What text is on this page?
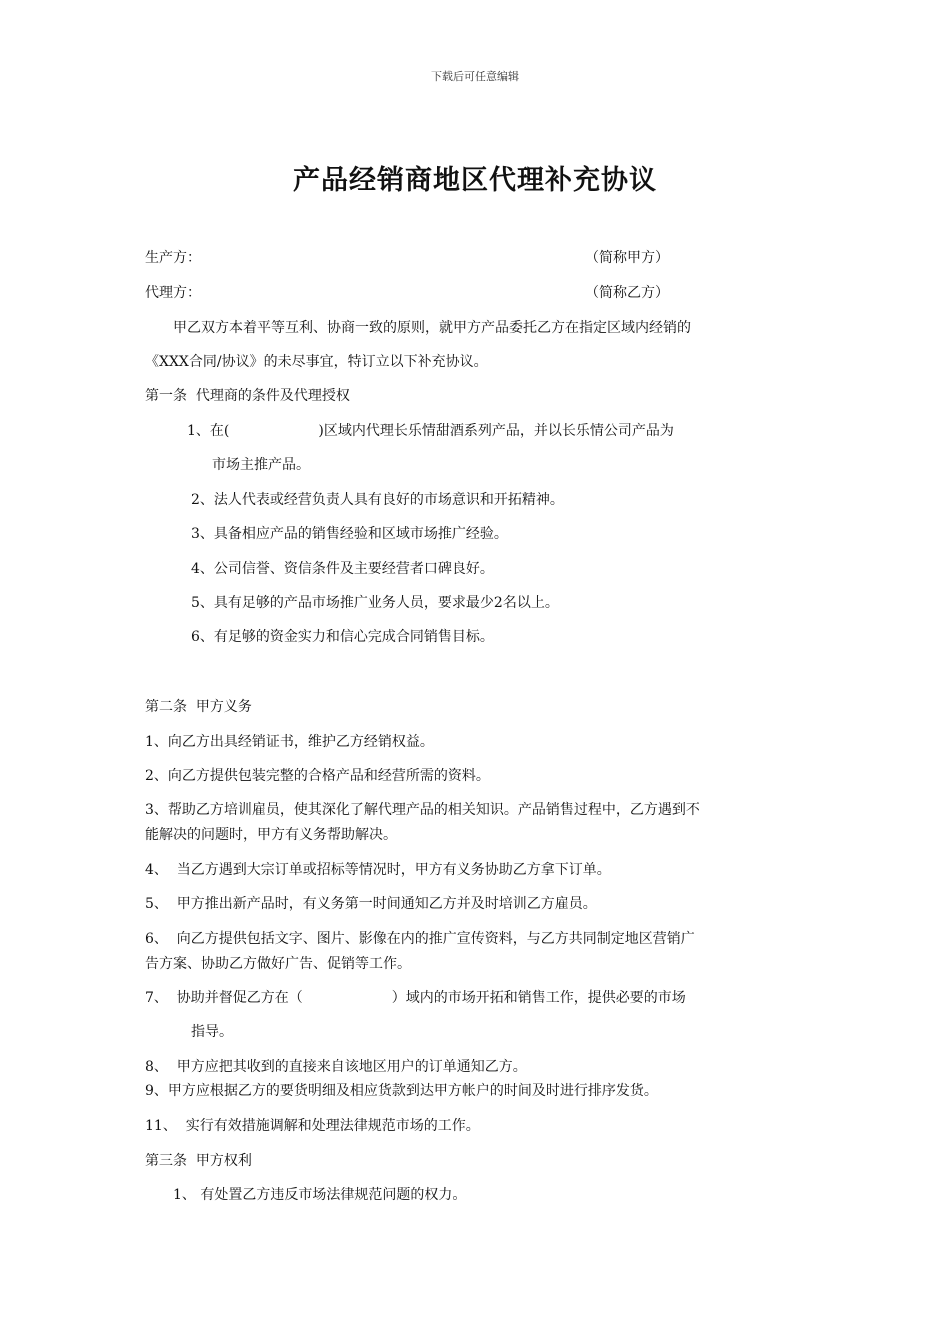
下载后可任意编辑
产品经销商地区代理补充协议
生产方：	（简称甲方）
代理方：	（简称乙方）
甲乙双方本着平等互利、协商一致的原则，就甲方产品委托乙方在指定区域内经销的
《XXX合同/协议》的未尽事宜，特订立以下补充协议。
第一条  代理商的条件及代理授权
1、在(                    )区域内代理长乐情甜酒系列产品，并以长乐情公司产品为
市场主推产品。
2、法人代表或经营负责人具有良好的市场意识和开拓精神。
3、具备相应产品的销售经验和区域市场推广经验。
4、公司信誉、资信条件及主要经营者口碑良好。
5、具有足够的产品市场推广业务人员，要求最少2名以上。
6、有足够的资金实力和信心完成合同销售目标。
第二条  甲方义务
1、向乙方出具经销证书，维护乙方经销权益。
2、向乙方提供包装完整的合格产品和经营所需的资料。
3、帮助乙方培训雇员，使其深化了解代理产品的相关知识。产品销售过程中，乙方遇到不
能解决的问题时，甲方有义务帮助解决。
4、  当乙方遇到大宗订单或招标等情况时，甲方有义务协助乙方拿下订单。
5、  甲方推出新产品时，有义务第一时间通知乙方并及时培训乙方雇员。
6、  向乙方提供包括文字、图片、影像在内的推广宣传资料，与乙方共同制定地区营销广
告方案、协助乙方做好广告、促销等工作。
7、  协助并督促乙方在（                    ）域内的市场开拓和销售工作，提供必要的市场
指导。
8、  甲方应把其收到的直接来自该地区用户的订单通知乙方。
9、甲方应根据乙方的要货明细及相应货款到达甲方帐户的时间及时进行排序发货。
11、  实行有效措施调解和处理法律规范市场的工作。
第三条  甲方权利
1、 有处置乙方违反市场法律规范问题的权力。
